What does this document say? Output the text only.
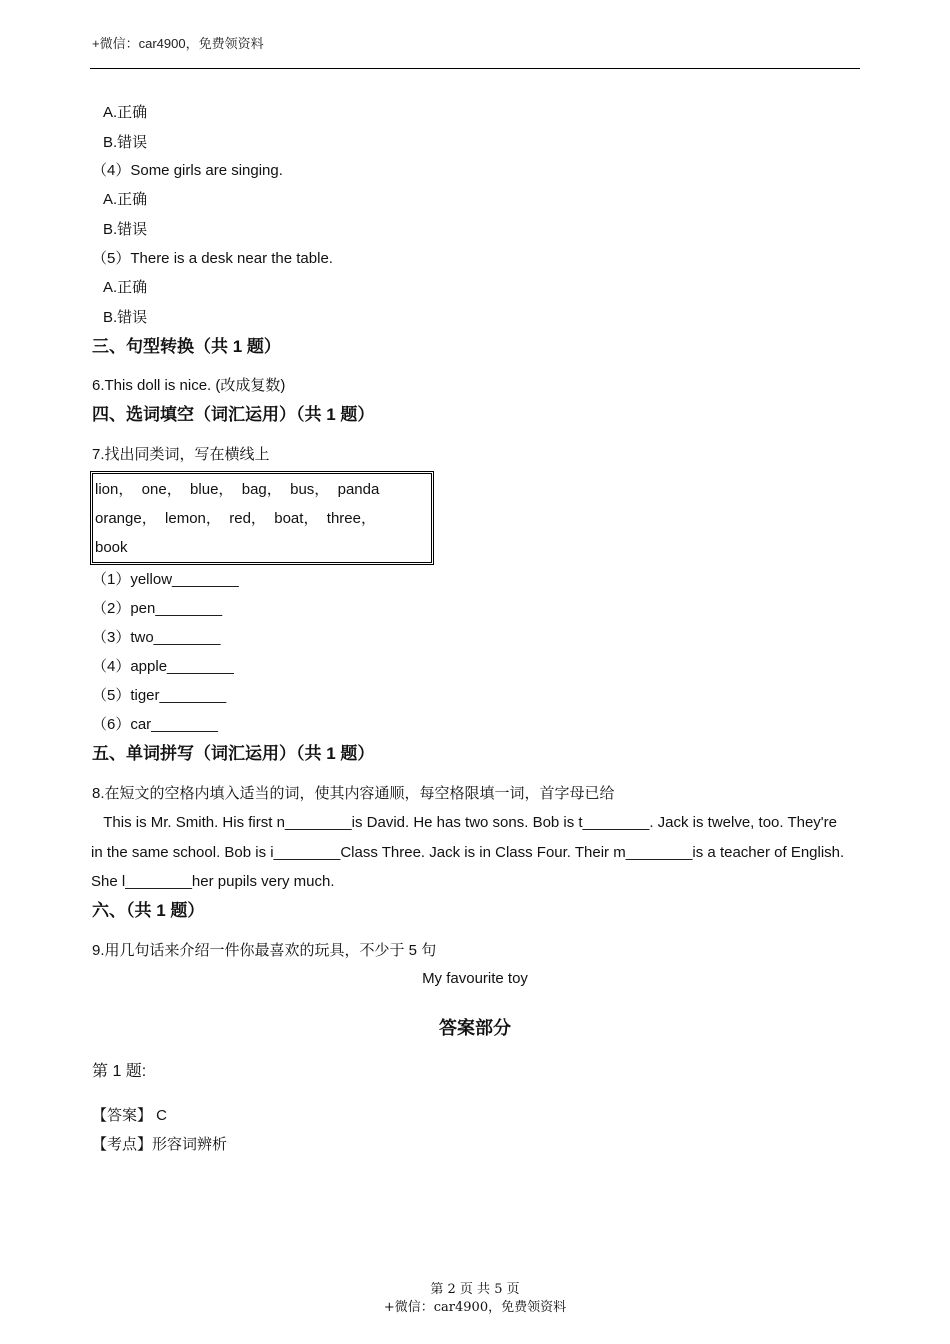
+微信：car4900，免费领资料
A.正确
B.错误
（4）Some girls are singing.
A.正确
B.错误
（5）There is a desk near the table.
A.正确
B.错误
三、句型转换（共 1 题）
6.This doll is nice. (改成复数)
四、选词填空（词汇运用）（共 1 题）
7.找出同类词，写在横线上
lion，  one，  blue，  bag，  bus，  panda
orange，  lemon，  red，  boat，  three，
book
（1）yellow________
（2）pen________
（3）two________
（4）apple________
（5）tiger________
（6）car________
五、单词拼写（词汇运用）（共 1 题）
8.在短文的空格内填入适当的词，使其内容通顺，每空格限填一词，首字母已给
This is Mr. Smith. His first n________is David. He has two sons. Bob is t________. Jack is twelve, too. They're
in the same school. Bob is i________Class Three. Jack is in Class Four. Their m________is a teacher of English.
She l________her pupils very much.
六、（共 1 题）
9.用几句话来介绍一件你最喜欢的玩具，不少于 5 句
My favourite toy
答案部分
第 1 题:
【答案】 C
【考点】形容词辨析
第 2 页 共 5 页
+微信：car4900，免费领资料
